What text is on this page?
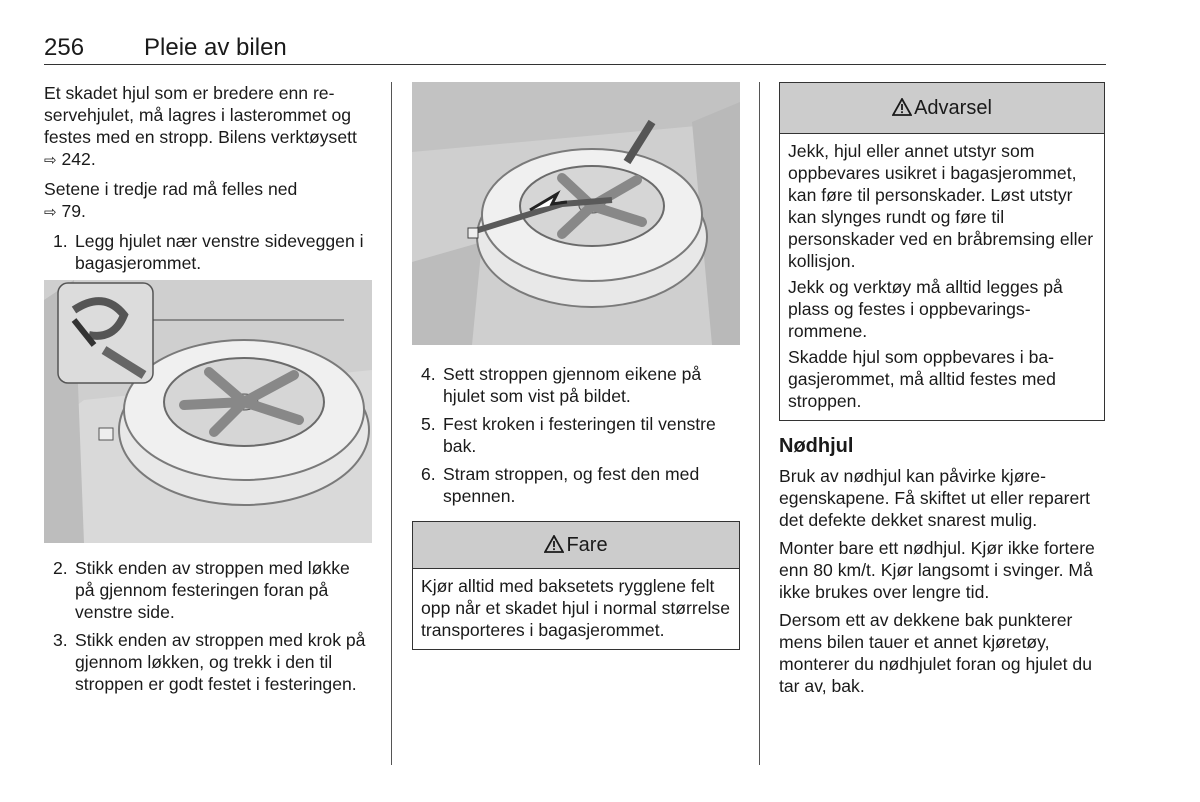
256 Pleie av bilen

Et skadet hjul som er bredere enn reservehjulet, må lagres i lasterommet og festes med en stropp. Bilens verktøysett ⇨ 242.

Setene i tredje rad må felles ned
⇨ 79.

1. Legg hjulet nær venstre sideveggen i bagasjerommet.
2. Stikk enden av stroppen med løkke på gjennom festeringen foran på venstre side.
3. Stikk enden av stroppen med krok på gjennom løkken, og trekk i den til stroppen er godt festet i festeringen.
4. Sett stroppen gjennom eikene på hjulet som vist på bildet.
5. Fest kroken i festeringen til venstre bak.
6. Stram stroppen, og fest den med spennen.
Fare

Kjør alltid med baksetets rygglene felt opp når et skadet hjul i normal størrelse transporteres i bagasjerommet.

Advarsel

Jekk, hjul eller annet utstyr som oppbevares usikret i bagasjerommet, kan føre til personskader. Løst utstyr kan slynges rundt og føre til personskader ved en bråbremsing eller kollisjon.

Jekk og verktøy må alltid legges på plass og festes i oppbevaringsrommene.

Skadde hjul som oppbevares i bagasjerommet, må alltid festes med stroppen.

Nødhjul

Bruk av nødhjul kan påvirke kjøreegenskapene. Få skiftet ut eller reparert det defekte dekket snarest mulig.

Monter bare ett nødhjul. Kjør ikke fortere enn 80 km/t. Kjør langsomt i svinger. Må ikke brukes over lengre tid.

Dersom ett av dekkene bak punkterer mens bilen tauer et annet kjøretøy, monterer du nødhjulet foran og hjulet du tar av, bak.
